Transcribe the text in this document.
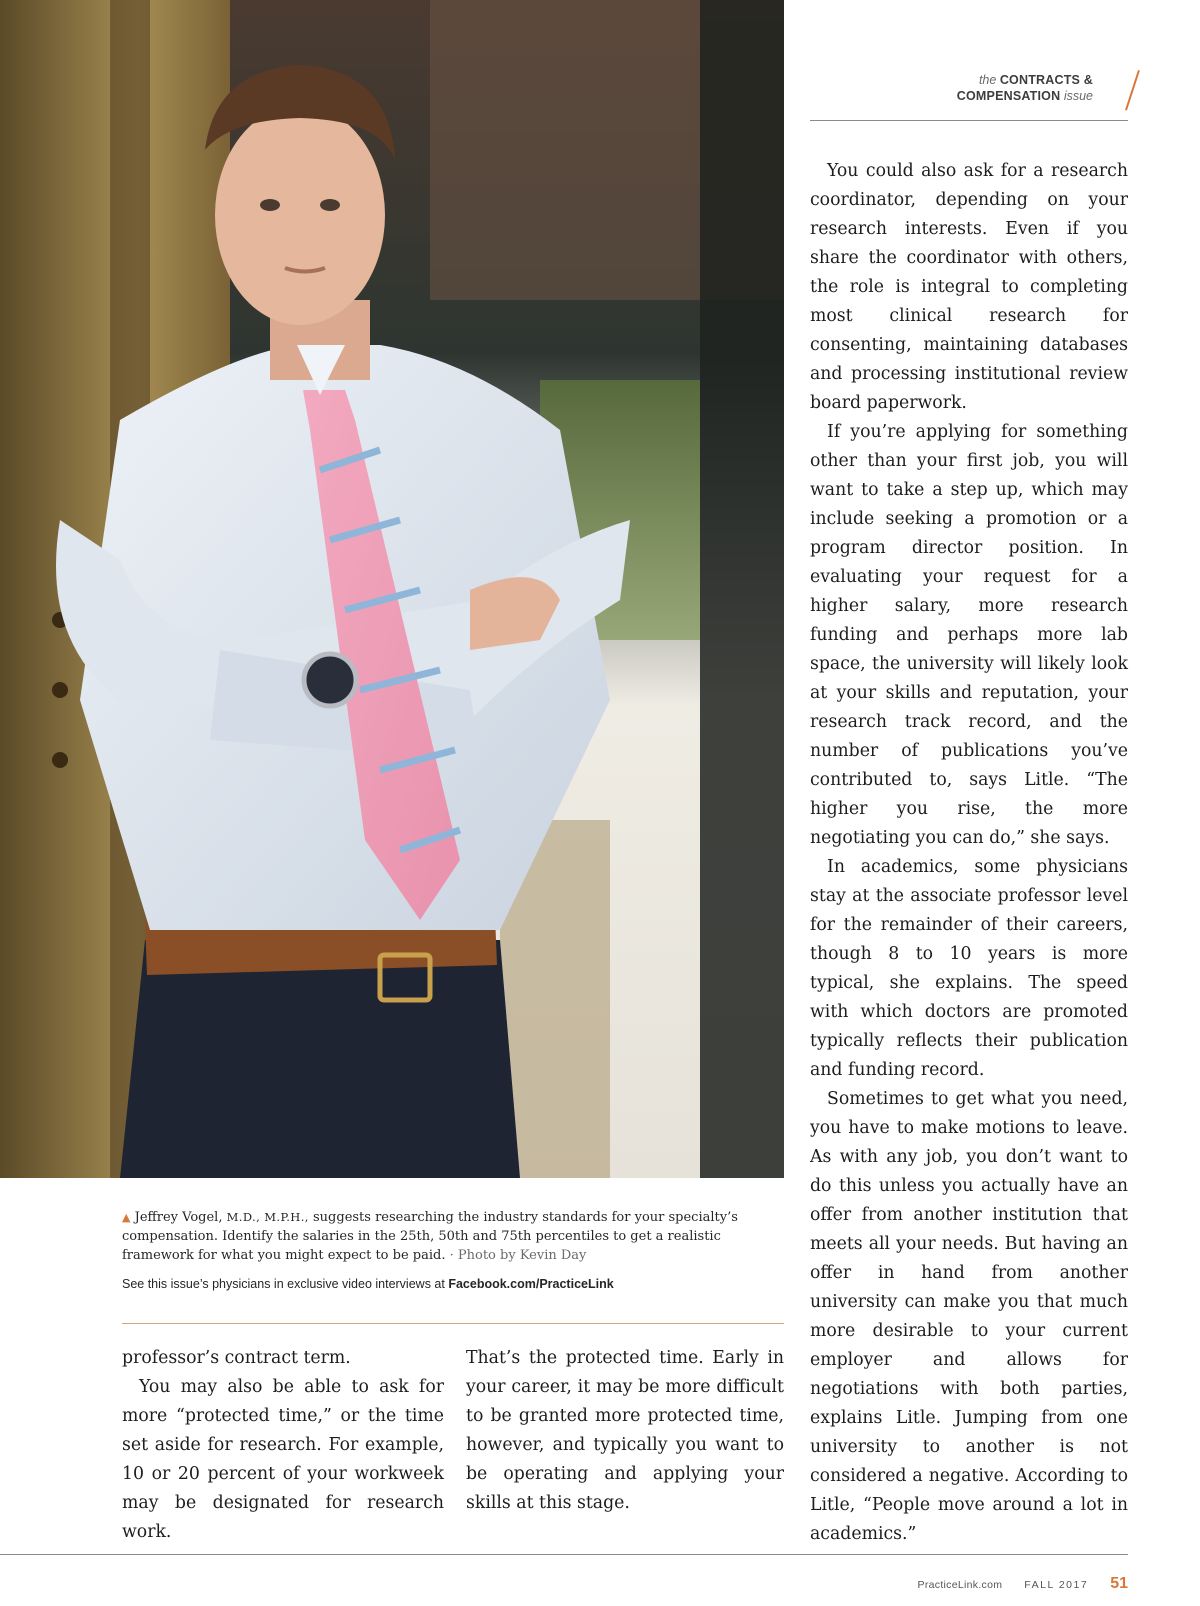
the CONTRACTS &
COMPENSATION issue

You could also ask for a research coordinator, depending on your research interests. Even if you share the coordinator with others, the role is integral to completing most clinical research for consenting, maintaining databases and processing institutional review board paperwork.

If you’re applying for something other than your first job, you will want to take a step up, which may include seeking a promotion or a program director position. In evaluating your request for a higher salary, more research funding and perhaps more lab space, the university will likely look at your skills and reputation, your research track record, and the number of publications you’ve contributed to, says Litle. “The higher you rise, the more negotiating you can do,” she says.

In academics, some physicians stay at the associate professor level for the remainder of their careers, though 8 to 10 years is more typical, she explains. The speed with which doctors are promoted typically reflects their publication and funding record.

Sometimes to get what you need, you have to make motions to leave. As with any job, you don’t want to do this unless you actually have an offer from another institution that meets all your needs. But having an offer in hand from another university can make you that much more desirable to your current employer and allows for negotiations with both parties, explains Litle. Jumping from one university to another is not considered a negative. According to Litle, “People move around a lot in academics.”

▲ Jeffrey Vogel, M.D., M.P.H., suggests researching the industry standards for your specialty’s compensation. Identify the salaries in the 25th, 50th and 75th percentiles to get a realistic framework for what you might expect to be paid. · Photo by Kevin Day
See this issue’s physicians in exclusive video interviews at Facebook.com/PracticeLink

professor’s contract term.

You may also be able to ask for more “protected time,” or the time set aside for research. For example, 10 or 20 percent of your workweek may be designated for research work.

That’s the protected time. Early in your career, it may be more difficult to be granted more protected time, however, and typically you want to be operating and applying your skills at this stage.

PracticeLink.com FALL 2017 51
